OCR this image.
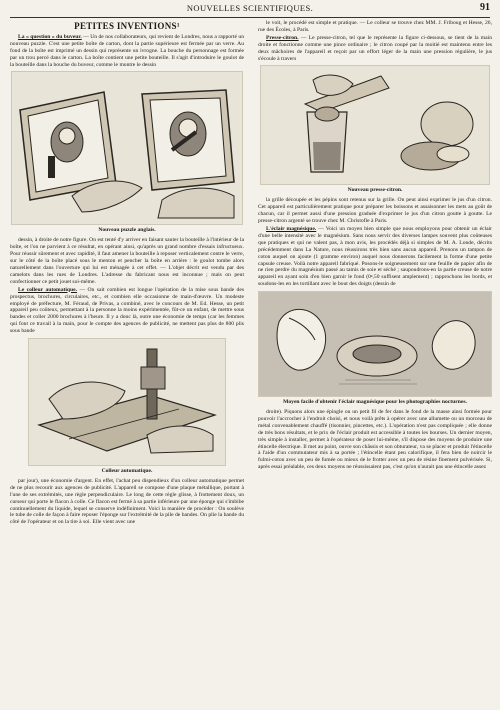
NOUVELLES SCIENTIFIQUES.	91
PETITES INVENTIONS¹

La « question » du buveur. — Un de nos collaborateurs, qui revient de Londres, nous a rapporté un nouveau puzzle. C'est une petite boîte de carton, dont la partie supérieure est fermée par un verre. Au fond de la boîte est imprimé un dessin qui représente un ivrogne. La bouche du personnage est formée par un trou percé dans le carton. La boîte contient une petite bouteille. Il s'agit d'introduire le goulot de la bouteille dans la bouche du buveur, comme le montre le dessin

Nouveau puzzle anglais.

dessin, à droite de notre figure. On est tenté d'y arriver en faisant sauter la bouteille à l'intérieur de la boîte, et l'on ne parvient à ce résultat, en opérant ainsi, qu'après un grand nombre d'essais infructueux. Pour réussir sûrement et avec rapidité, il faut amener la bouteille à reposer verticalement contre le verre, sur le côté de la boîte placé sous le menton et pencher la boîte en arrière : le goulot tombe alors naturellement dans l'ouverture qui lui est ménagée à cet effet. — L'objet décrit est vendu par des camelots dans les rues de Londres. L'adresse du fabricant nous est inconnue ; mais on peut confectionner ce petit jouet soi-même.

Le colleur automatique. — On sait combien est longue l'opération de la mise sous bande des prospectus, brochures, circulaires, etc., et combien elle occasionne de main-d'œuvre. Un modeste employé de préfecture, M. Féraud, de Privas, a combiné, avec le concours de M. Ed. Hesse, un petit appareil peu coûteux, permettant à la personne la moins expérimentée, fût-ce un enfant, de mettre sous bandes et coller 2000 brochures à l'heure. Il y a donc là, outre une économie de temps (car les femmes qui font ce travail à la main, pour le compte des agences de publicité, ne mettent pas plus de 800 plis sous bande

Colleur automatique.

par jour), une économie d'argent. En effet, l'achat peu dispendieux d'un colleur automatique permet de ne plus recourir aux agences de publicité. L'appareil se compose d'une plaque métallique, portant à l'une de ses extrémités, une règle perpendiculaire. Le long de cette règle glisse, à frottement doux, un curseur qui porte le flacon à colle. Ce flacon est fermé à sa partie inférieure par une éponge qui s'imbibe continuellement du liquide, lequel se conserve indéfiniment. Voici la manière de procéder : On soulève le tube de colle de façon à faire reposer l'éponge sur l'extrémité de la pile de bandes. On plie la bande du côté de l'opérateur et on la tire à soi. Elle vient avec une

le voit, le procédé est simple et pratique. — Le colleur se trouve chez MM. J. Friboug et Hesse, 26, rue des Écoles, à Paris.

Presse-citron. — Le presse-citron, tel que le représente la figure ci-dessous, se tient de la main droite et fonctionne comme une pince ordinaire ; le citron coupé par la moitié est maintenu entre les deux mâchoires de l'appareil et reçoit par un effort léger de la main une pression régulière, le jus s'écoule à travers

Nouveau presse-citron.

la grille découpée et les pépins sont retenus sur la grille. On peut ainsi exprimer le jus d'un citron. Cet appareil est particulièrement pratique pour préparer les boissons et assaisonner les mets au goût de chacun, car il permet aussi d'une pression graduée d'exprimer le jus d'un citron goutte à goutte. Le presse-citron argenté se trouve chez M. Christofle à Paris.

L'éclair magnésique. — Voici un moyen bien simple que nous employons pour obtenir un éclair d'une belle intensité avec le magnésium. Sans nous servir des diverses lampes souvent plus coûteuses que pratiques et qui ne valent pas, à mon avis, les procédés déjà si simples de M. A. Londe, décrits précédemment dans La Nature, nous réussirons très bien sans aucun appareil. Prenons un tampon de coton auquel on ajoute (1 gramme environ) auquel nous donnerons facilement la forme d'une petite capsule creuse. Voilà notre appareil fabriqué. Posons-le soigneusement sur une feuille de papier afin de ne rien perdre du magnésium passé au tamis de soie et séché ; saupoudrons-en la partie creuse de notre appareil en ayant soin d'en bien garnir le fond (0ᵍ,50 suffisent amplement) ; rapprochons les bords, et soudons-les en les tortillant avec le bout des doigts (dessin de

Moyen facile d'obtenir l'éclair magnésique pour les photographies nocturnes.

droite). Piquons alors une épingle ou un petit fil de fer dans le fond de la masse ainsi formée pour pouvoir l'accrocher à l'endroit choisi, et nous voilà prêts à opérer avec une allumette ou un morceau de métal convenablement chauffé (tisonnier, pincettes, etc.). L'opération n'est pas compliquée ; elle donne de très bons résultats, et le prix de l'éclair produit est accessible à toutes les bourses. Un dernier moyen, très simple à installer, permet à l'opérateur de poser lui-même, s'il dispose des moyens de produire une étincelle électrique. Il met au point, ouvre son châssis et son obturateur, va se placer et produit l'étincelle à l'aide d'un commutateur mis à sa portée ; l'étincelle étant peu calorifique, il fera bien de noircir le fulmi-coton avec un peu de fumée ou mieux de le frotter avec un peu de résine finement pulvérisée. Si, après essai préalable, ces deux moyens ne réussissaient pas, c'est qu'on n'aurait pas une étincelle assez
